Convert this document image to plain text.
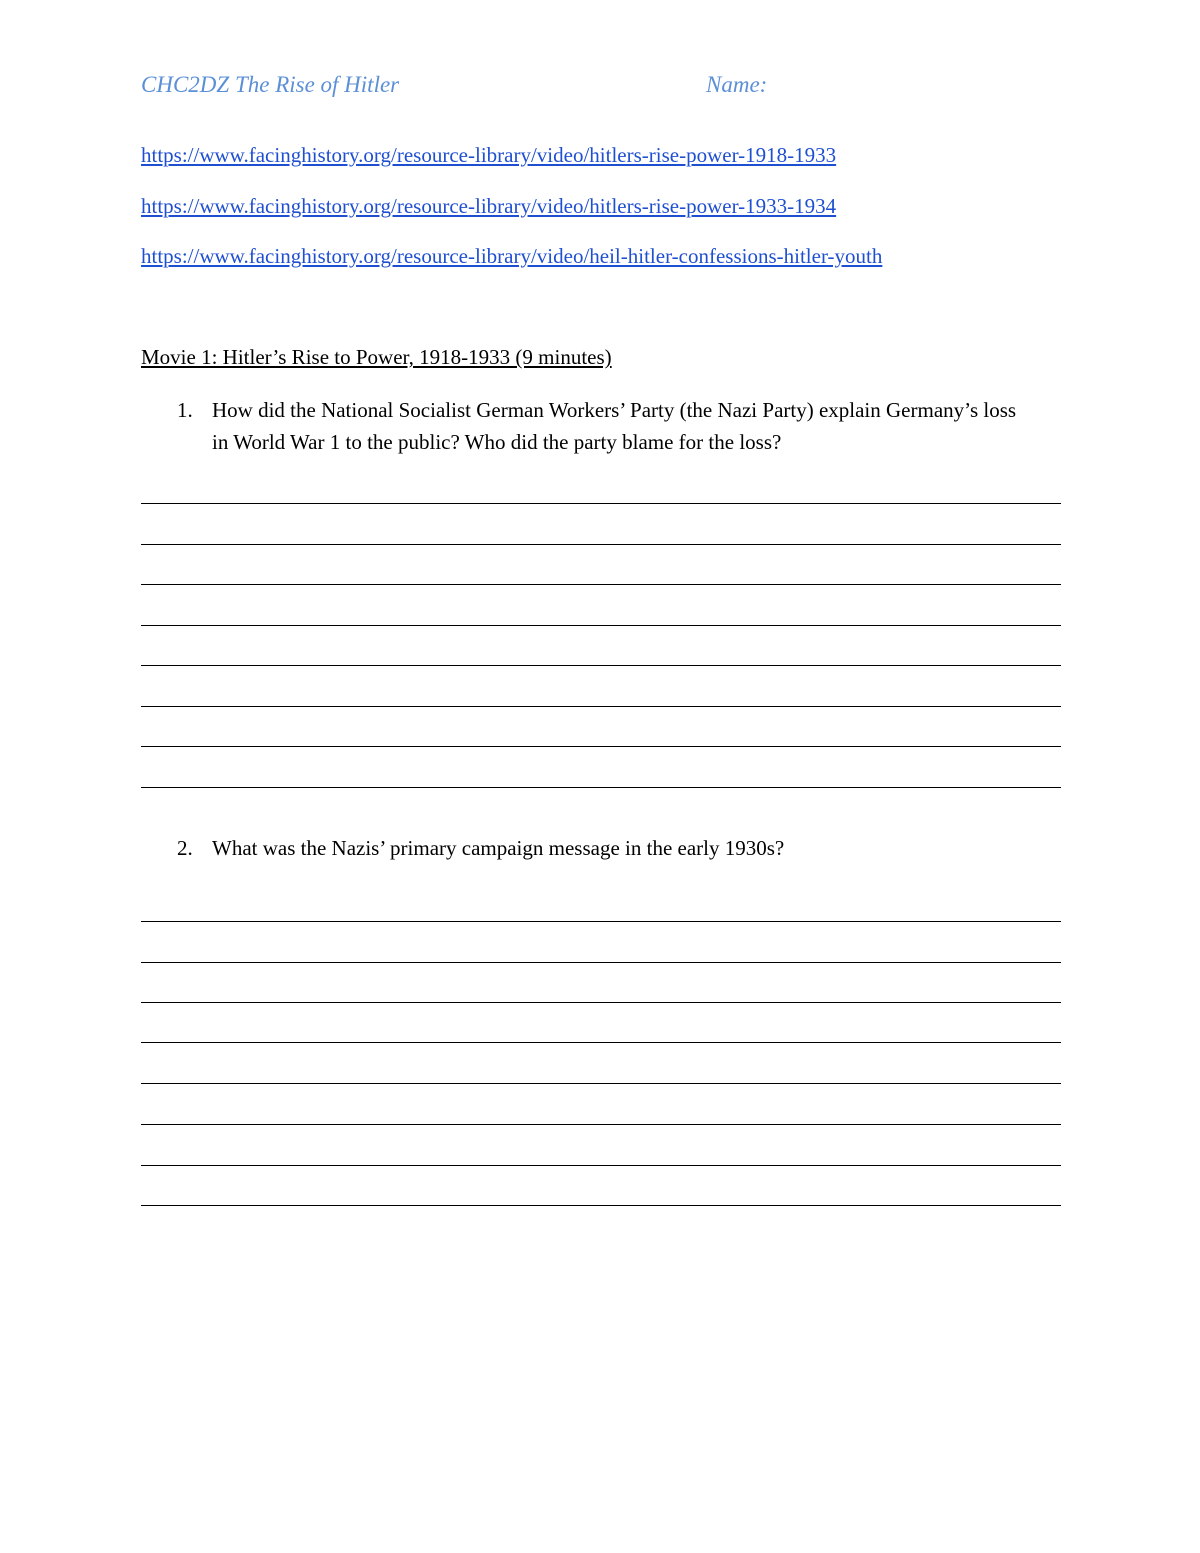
CHC2DZ The Rise of Hitler	Name:
https://www.facinghistory.org/resource-library/video/hitlers-rise-power-1918-1933
https://www.facinghistory.org/resource-library/video/hitlers-rise-power-1933-1934
https://www.facinghistory.org/resource-library/video/heil-hitler-confessions-hitler-youth
Movie 1: Hitler’s Rise to Power, 1918-1933 (9 minutes)
1. How did the National Socialist German Workers’ Party (the Nazi Party) explain Germany’s loss in World War 1 to the public? Who did the party blame for the loss?
2. What was the Nazis’ primary campaign message in the early 1930s?
